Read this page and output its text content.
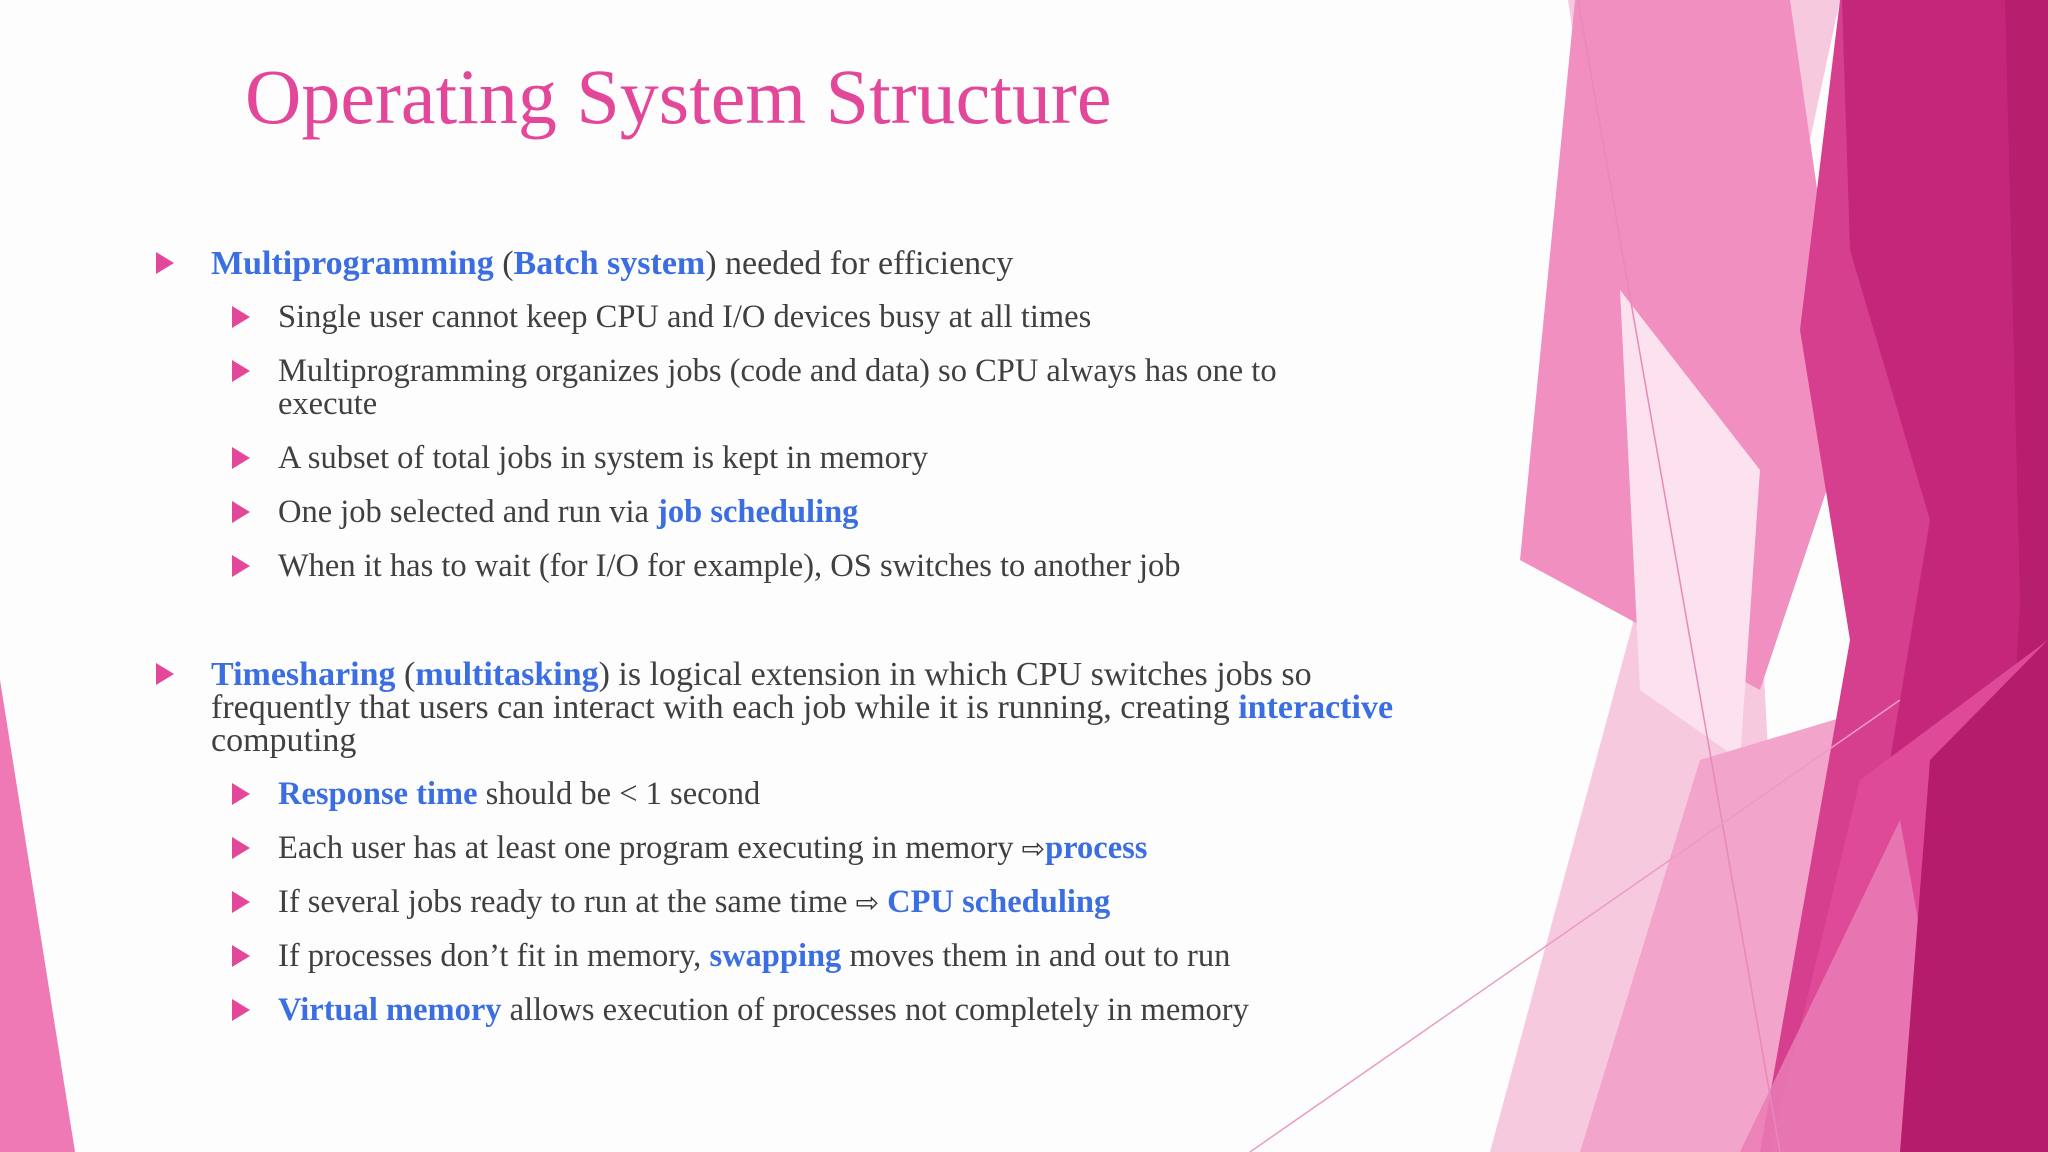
Operating System Structure
Multiprogramming (Batch system) needed for efficiency
Single user cannot keep CPU and I/O devices busy at all times
Multiprogramming organizes jobs (code and data) so CPU always has one to execute
A subset of total jobs in system is kept in memory
One job selected and run via job scheduling
When it has to wait (for I/O for example), OS switches to another job
Timesharing (multitasking) is logical extension in which CPU switches jobs so frequently that users can interact with each job while it is running, creating interactive computing
Response time should be < 1 second
Each user has at least one program executing in memory ⇨process
If several jobs ready to run at the same time ⇨ CPU scheduling
If processes don’t fit in memory, swapping moves them in and out to run
Virtual memory allows execution of processes not completely in memory
